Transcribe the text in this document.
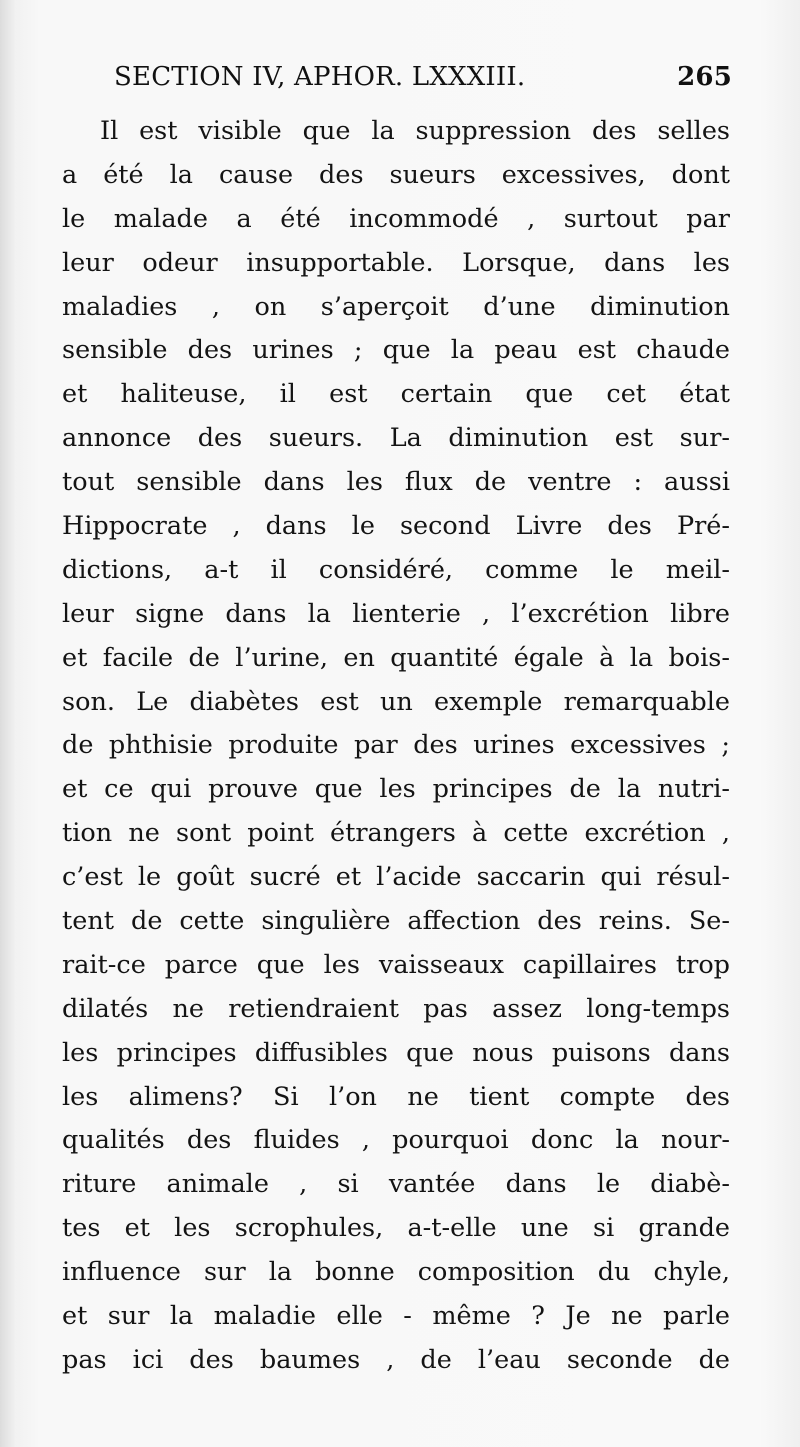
SECTION IV, APHOR. LXXXIII.	265
Il est visible que la suppression des selles
a été la cause des sueurs excessives, dont
le malade a été incommodé , surtout par
leur odeur insupportable. Lorsque, dans les
maladies , on s’aperçoit d’une diminution
sensible des urines ; que la peau est chaude
et haliteuse, il est certain que cet état
annonce des sueurs. La diminution est sur-
tout sensible dans les flux de ventre : aussi
Hippocrate , dans le second Livre des Pré-
dictions, a-t il considéré, comme le meil-
leur signe dans la lienterie , l’excrétion libre
et facile de l’urine, en quantité égale à la bois-
son. Le diabètes est un exemple remarquable
de phthisie produite par des urines excessives ;
et ce qui prouve que les principes de la nutri-
tion ne sont point étrangers à cette excrétion ,
c’est le goût sucré et l’acide saccarin qui résul-
tent de cette singulière affection des reins. Se-
rait-ce parce que les vaisseaux capillaires trop
dilatés ne retiendraient pas assez long-temps
les principes diffusibles que nous puisons dans
les alimens? Si l’on ne tient compte des
qualités des fluides , pourquoi donc la nour-
riture animale , si vantée dans le diabè-
tes et les scrophules, a-t-elle une si grande
influence sur la bonne composition du chyle,
et sur la maladie elle - même ? Je ne parle
pas ici des baumes , de l’eau seconde de
